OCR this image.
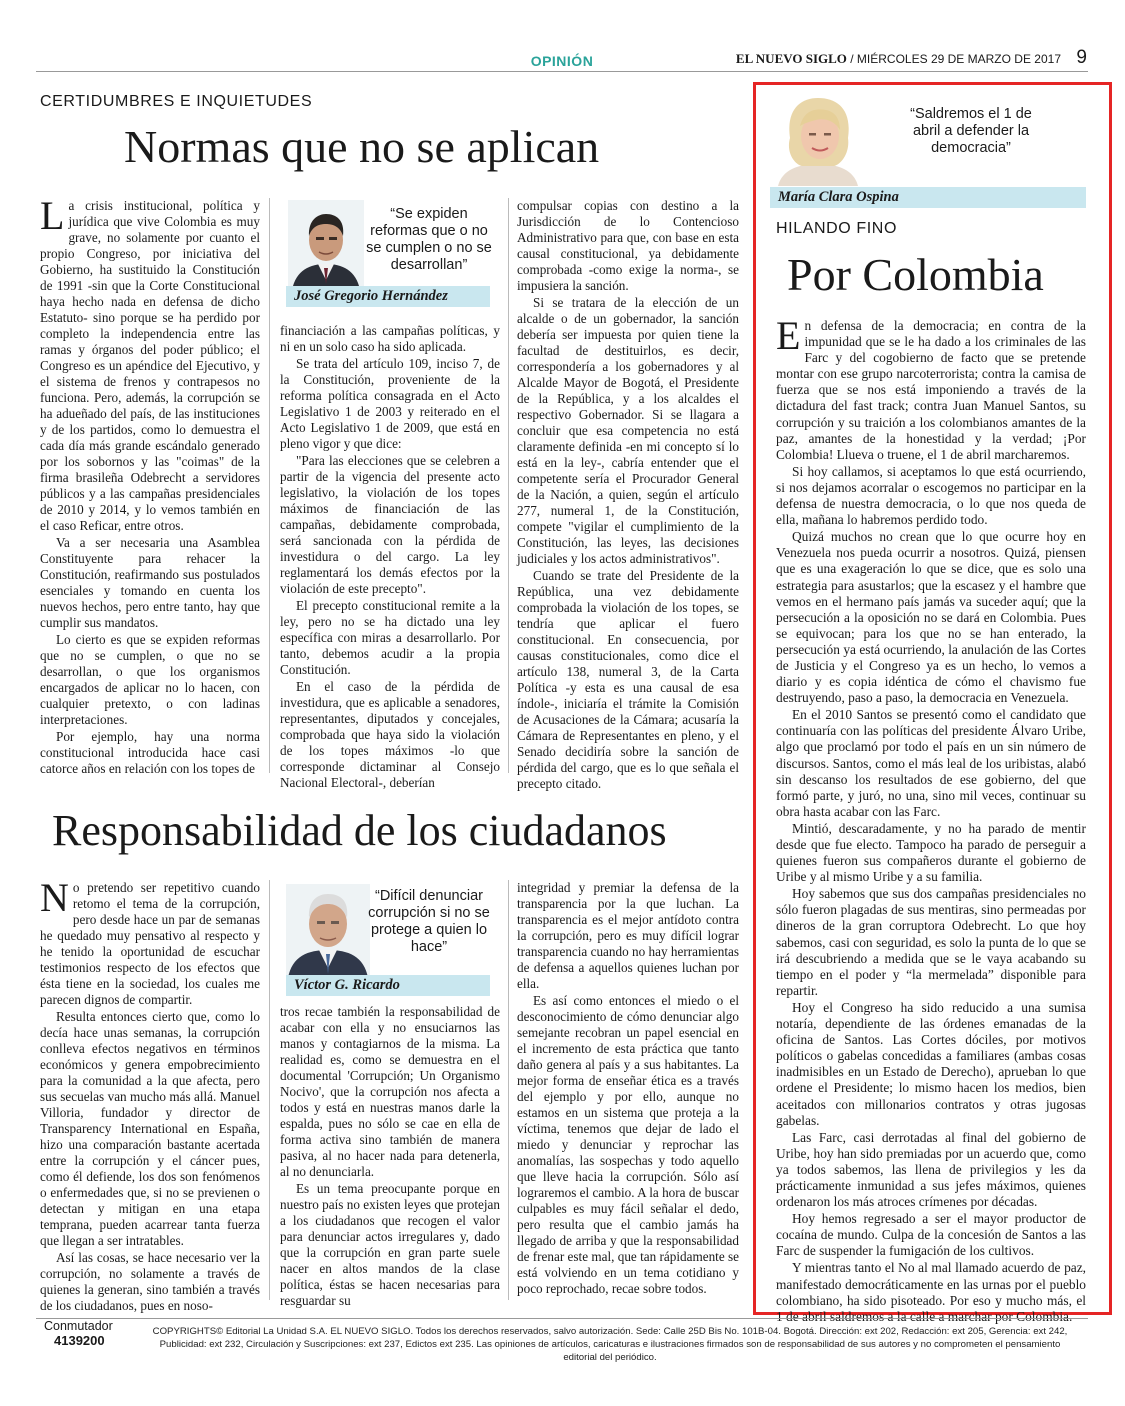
OPINIÓN	EL NUEVO SIGLO / MIÉRCOLES 29 DE MARZO DE 2017 9
CERTIDUMBRES E INQUIETUDES
Normas que no se aplican

La crisis institucional, política y jurídica que vive Colombia es muy grave, no solamente por cuanto el propio Congreso, por iniciativa del Gobierno, ha sustituido la Constitución de 1991 -sin que la Corte Constitucional haya hecho nada en defensa de dicho Estatuto- sino porque se ha perdido por completo la independencia entre las ramas y órganos del poder público; el Congreso es un apéndice del Ejecutivo, y el sistema de frenos y contrapesos no funciona. Pero, además, la corrupción se ha adueñado del país, de las instituciones y de los partidos, como lo demuestra el cada día más grande escándalo generado por los sobornos y las "coimas" de la firma brasileña Odebrecht a servidores públicos y a las campañas presidenciales de 2010 y 2014, y lo vemos también en el caso Reficar, entre otros.

Va a ser necesaria una Asamblea Constituyente para rehacer la Constitución, reafirmando sus postulados esenciales y tomando en cuenta los nuevos hechos, pero entre tanto, hay que cumplir sus mandatos.

Lo cierto es que se expiden reformas que no se cumplen, o que no se desarrollan, o que los organismos encargados de aplicar no lo hacen, con cualquier pretexto, o con ladinas interpretaciones.

Por ejemplo, hay una norma constitucional introducida hace casi catorce años en relación con los topes de

“Se expiden reformas que o no se cumplen o no se desarrollan”
José Gregorio Hernández

financiación a las campañas políticas, y ni en un solo caso ha sido aplicada.

Se trata del artículo 109, inciso 7, de la Constitución, proveniente de la reforma política consagrada en el Acto Legislativo 1 de 2003 y reiterado en el Acto Legislativo 1 de 2009, que está en pleno vigor y que dice:

"Para las elecciones que se celebren a partir de la vigencia del presente acto legislativo, la violación de los topes máximos de financiación de las campañas, debidamente comprobada, será sancionada con la pérdida de investidura o del cargo. La ley reglamentará los demás efectos por la violación de este precepto".

El precepto constitucional remite a la ley, pero no se ha dictado una ley específica con miras a desarrollarlo. Por tanto, debemos acudir a la propia Constitución.

En el caso de la pérdida de investidura, que es aplicable a senadores, representantes, diputados y concejales, comprobada que haya sido la violación de los topes máximos -lo que corresponde dictaminar al Consejo Nacional Electoral-, deberían

compulsar copias con destino a la Jurisdicción de lo Contencioso Administrativo para que, con base en esta causal constitucional, ya debidamente comprobada -como exige la norma-, se impusiera la sanción.

Si se tratara de la elección de un alcalde o de un gobernador, la sanción debería ser impuesta por quien tiene la facultad de destituirlos, es decir, correspondería a los gobernadores y al Alcalde Mayor de Bogotá, el Presidente de la República, y a los alcaldes el respectivo Gobernador. Si se llagara a concluir que esa competencia no está claramente definida -en mi concepto sí lo está en la ley-, cabría entender que el competente sería el Procurador General de la Nación, a quien, según el artículo 277, numeral 1, de la Constitución, compete "vigilar el cumplimiento de la Constitución, las leyes, las decisiones judiciales y los actos administrativos".

Cuando se trate del Presidente de la República, una vez debidamente comprobada la violación de los topes, se tendría que aplicar el fuero constitucional. En consecuencia, por causas constitucionales, como dice el artículo 138, numeral 3, de la Carta Política -y esta es una causal de esa índole-, iniciaría el trámite la Comisión de Acusaciones de la Cámara; acusaría la Cámara de Representantes en pleno, y el Senado decidiría sobre la sanción de pérdida del cargo, que es lo que señala el precepto citado.

Responsabilidad de los ciudadanos

No pretendo ser repetitivo cuando retomo el tema de la corrupción, pero desde hace un par de semanas he quedado muy pensativo al respecto y he tenido la oportunidad de escuchar testimonios respecto de los efectos que ésta tiene en la sociedad, los cuales me parecen dignos de compartir.

Resulta entonces cierto que, como lo decía hace unas semanas, la corrupción conlleva efectos negativos en términos económicos y genera empobrecimiento para la comunidad a la que afecta, pero sus secuelas van mucho más allá. Manuel Villoria, fundador y director de Transparency International en España, hizo una comparación bastante acertada entre la corrupción y el cáncer pues, como él defiende, los dos son fenómenos o enfermedades que, si no se previenen o detectan y mitigan en una etapa temprana, pueden acarrear tanta fuerza que llegan a ser intratables.

Así las cosas, se hace necesario ver la corrupción, no solamente a través de quienes la generan, sino también a través de los ciudadanos, pues en noso-

“Difícil denunciar corrupción si no se protege a quien lo hace”
Víctor G. Ricardo

tros recae también la responsabilidad de acabar con ella y no ensuciarnos las manos y contagiarnos de la misma. La realidad es, como se demuestra en el documental 'Corrupción; Un Organismo Nocivo', que la corrupción nos afecta a todos y está en nuestras manos darle la espalda, pues no sólo se cae en ella de forma activa sino también de manera pasiva, al no hacer nada para detenerla, al no denunciarla.

Es un tema preocupante porque en nuestro país no existen leyes que protejan a los ciudadanos que recogen el valor para denunciar actos irregulares y, dado que la corrupción en gran parte suele nacer en altos mandos de la clase política, éstas se hacen necesarias para resguardar su

integridad y premiar la defensa de la transparencia por la que luchan. La transparencia es el mejor antídoto contra la corrupción, pero es muy difícil lograr transparencia cuando no hay herramientas de defensa a aquellos quienes luchan por ella.

Es así como entonces el miedo o el desconocimiento de cómo denunciar algo semejante recobran un papel esencial en el incremento de esta práctica que tanto daño genera al país y a sus habitantes. La mejor forma de enseñar ética es a través del ejemplo y por ello, aunque no estamos en un sistema que proteja a la víctima, tenemos que dejar de lado el miedo y denunciar y reprochar las anomalías, las sospechas y todo aquello que lleve hacia la corrupción. Sólo así lograremos el cambio. A la hora de buscar culpables es muy fácil señalar el dedo, pero resulta que el cambio jamás ha llegado de arriba y que la responsabilidad de frenar este mal, que tan rápidamente se está volviendo en un tema cotidiano y poco reprochado, recae sobre todos.

“Saldremos el 1 de abril a defender la democracia”
María Clara Ospina
HILANDO FINO
Por Colombia

En defensa de la democracia; en contra de la impunidad que se le ha dado a los criminales de las Farc y del cogobierno de facto que se pretende montar con ese grupo narcoterrorista; contra la camisa de fuerza que se nos está imponiendo a través de la dictadura del fast track; contra Juan Manuel Santos, su corrupción y su traición a los colombianos amantes de la paz, amantes de la honestidad y la verdad; ¡Por Colombia! Llueva o truene, el 1 de abril marcharemos.

Si hoy callamos, si aceptamos lo que está ocurriendo, si nos dejamos acorralar o escogemos no participar en la defensa de nuestra democracia, o lo que nos queda de ella, mañana lo habremos perdido todo.

Quizá muchos no crean que lo que ocurre hoy en Venezuela nos pueda ocurrir a nosotros. Quizá, piensen que es una exageración lo que se dice, que es solo una estrategia para asustarlos; que la escasez y el hambre que vemos en el hermano país jamás va suceder aquí; que la persecución a la oposición no se dará en Colombia. Pues se equivocan; para los que no se han enterado, la persecución ya está ocurriendo, la anulación de las Cortes de Justicia y el Congreso ya es un hecho, lo vemos a diario y es copia idéntica de cómo el chavismo fue destruyendo, paso a paso, la democracia en Venezuela.

En el 2010 Santos se presentó como el candidato que continuaría con las políticas del presidente Álvaro Uribe, algo que proclamó por todo el país en un sin número de discursos. Santos, como el más leal de los uribistas, alabó sin descanso los resultados de ese gobierno, del que formó parte, y juró, no una, sino mil veces, continuar su obra hasta acabar con las Farc.

Mintió, descaradamente, y no ha parado de mentir desde que fue electo. Tampoco ha parado de perseguir a quienes fueron sus compañeros durante el gobierno de Uribe y al mismo Uribe y a su familia.

Hoy sabemos que sus dos campañas presidenciales no sólo fueron plagadas de sus mentiras, sino permeadas por dineros de la gran corruptora Odebrecht. Lo que hoy sabemos, casi con seguridad, es solo la punta de lo que se irá descubriendo a medida que se le vaya acabando su tiempo en el poder y “la mermelada” disponible para repartir.

Hoy el Congreso ha sido reducido a una sumisa notaría, dependiente de las órdenes emanadas de la oficina de Santos. Las Cortes dóciles, por motivos políticos o gabelas concedidas a familiares (ambas cosas inadmisibles en un Estado de Derecho), aprueban lo que ordene el Presidente; lo mismo hacen los medios, bien aceitados con millonarios contratos y otras jugosas gabelas.

Las Farc, casi derrotadas al final del gobierno de Uribe, hoy han sido premiadas por un acuerdo que, como ya todos sabemos, las llena de privilegios y les da prácticamente inmunidad a sus jefes máximos, quienes ordenaron los más atroces crímenes por décadas.

Hoy hemos regresado a ser el mayor productor de cocaína de mundo. Culpa de la concesión de Santos a las Farc de suspender la fumigación de los cultivos.

Y mientras tanto el No al mal llamado acuerdo de paz, manifestado democráticamente en las urnas por el pueblo colombiano, ha sido pisoteado. Por eso y mucho más, el 1 de abril saldremos a la calle a marchar por Colombia.

Conmutador
4139200
COPYRIGHTS© Editorial La Unidad S.A. EL NUEVO SIGLO. Todos los derechos reservados, salvo autorización. Sede: Calle 25D Bis No. 101B-04. Bogotá. Dirección: ext 202, Redacción: ext 205, Gerencia: ext 242, Publicidad: ext 232, Circulación y Suscripciones: ext 237, Edictos ext 235. Las opiniones de artículos, caricaturas e ilustraciones firmados son de responsabilidad de sus autores y no comprometen el pensamiento editorial del periódico.
